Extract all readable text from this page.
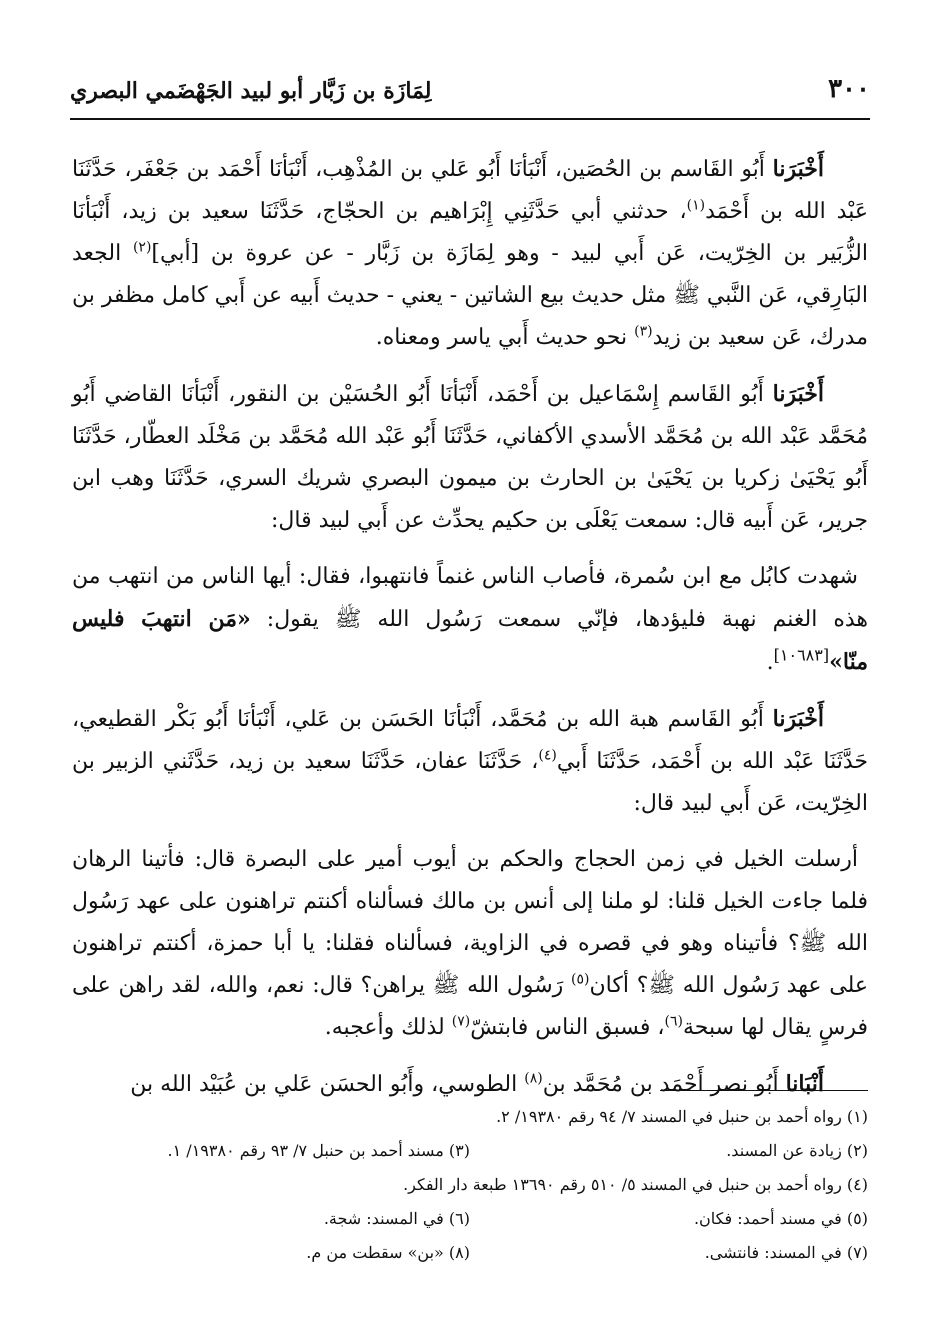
٣٠٠
لِمَازَة بن زَبَّار أبو لبيد الجَهْضَمي البصري

أَخْبَرَنا أَبُو القَاسم بن الحُصَين، أَنْبَأنَا أَبُو عَلي بن المُذْهِب، أَنْبَأنَا أَحْمَد بن جَعْفَر، حَدَّثَنَا عَبْد الله بن أَحْمَد$^{(١)}$، حدثني أبي حَدَّثَنِي إِبْرَاهيم بن الحجّاج، حَدَّثَنَا سعيد بن زيد، أَنْبَأنَا الزُّبَير بن الخِرّيت، عَن أَبي لبيد - وهو لِمَازَة بن زَبَّار - عن عروة بن [أبي]$^{(٢)}$ الجعد البَارِقي، عَن النَّبي ﷺ مثل حديث بيع الشاتين - يعني - حديث أَبيه عن أَبي كامل مظفر بن مدرك، عَن سعيد بن زيد$^{(٣)}$ نحو حديث أَبي ياسر ومعناه.

أَخْبَرَنا أَبُو القَاسم إِسْمَاعيل بن أَحْمَد، أَنْبَأنَا أَبُو الحُسَيْن بن النقور، أَنْبَأنَا القاضي أَبُو مُحَمَّد عَبْد الله بن مُحَمَّد الأسدي الأكفاني، حَدَّثَنَا أَبُو عَبْد الله مُحَمَّد بن مَخْلَد العطّار، حَدَّثَنَا أَبُو يَحْيَىٰ زكريا بن يَحْيَىٰ بن الحارث بن ميمون البصري شريك السري، حَدَّثَنَا وهب ابن جرير، عَن أَبيه قال: سمعت يَعْلَى بن حكيم يحدِّث عن أَبي لبيد قال:

شهدت كابُل مع ابن سُمرة، فأصاب الناس غنماً فانتهبوا، فقال: أيها الناس من انتهب من هذه الغنم نهبة فليؤدها، فإنّي سمعت رَسُول الله ﷺ يقول: «مَن انتهبَ فليس منّا»[١٠٦٨٣].

أَخْبَرَنا أَبُو القَاسم هبة الله بن مُحَمَّد، أَنْبَأنَا الحَسَن بن عَلي، أَنْبَأنَا أَبُو بَكْر القطيعي، حَدَّثَنَا عَبْد الله بن أَحْمَد، حَدَّثَنَا أَبي$^{(٤)}$، حَدَّثَنَا عفان، حَدَّثَنَا سعيد بن زيد، حَدَّثَني الزبير بن الخِرّيت، عَن أَبي لبيد قال:

أرسلت الخيل في زمن الحجاج والحكم بن أيوب أمير على البصرة قال: فأتينا الرهان فلما جاءت الخيل قلنا: لو ملنا إلى أنس بن مالك فسألناه أكنتم تراهنون على عهد رَسُول الله ﷺ؟ فأتيناه وهو في قصره في الزاوية، فسألناه فقلنا: يا أبا حمزة، أكنتم تراهنون على عهد رَسُول الله ﷺ؟ أكان$^{(٥)}$ رَسُول الله ﷺ يراهن؟ قال: نعم، والله، لقد راهن على فرسٍ يقال لها سبحة$^{(٦)}$، فسبق الناس فابتشّ$^{(٧)}$ لذلك وأعجبه.

أَنْبَانا أَبُو نصر أَحْمَد بن مُحَمَّد بن$^{(٨)}$ الطوسي، وأَبُو الحسَن عَلي بن عُبَيْد الله بن

(١) رواه أحمد بن حنبل في المسند ٧/ ٩٤ رقم ١٩٣٨٠/ ٢.
(٢) زيادة عن المسند.
(٣) مسند أحمد بن حنبل ٧/ ٩٣ رقم ١٩٣٨٠/ ١.
(٤) رواه أحمد بن حنبل في المسند ٥/ ٥١٠ رقم ١٣٦٩٠ طبعة دار الفكر.
(٥) في مسند أحمد: فكان.
(٦) في المسند: شجة.
(٧) في المسند: فانتشى.
(٨) «بن» سقطت من م.
